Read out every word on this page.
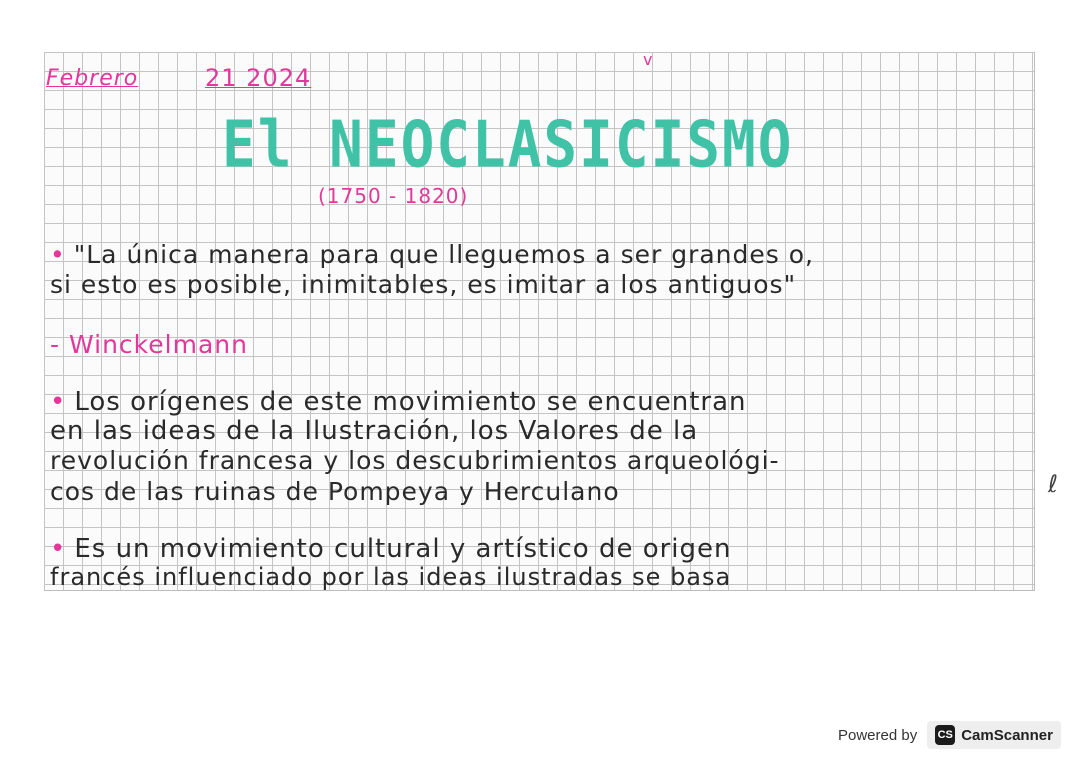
v
Febrero	21 2024
El NEOCLASICISMO
(1750 - 1820)
• "La única manera para que lleguemos a ser grandes o,
si esto es posible, inimitables, es imitar a los antiguos"
- Winckelmann
• Los orígenes de este movimiento se encuentran
en las ideas de la Ilustración, los Valores de la
revolución francesa y los descubrimientos arqueológi-
cos de las ruinas de Pompeya y Herculano
• Es un movimiento cultural y artístico de origen
francés influenciado por las ideas ilustradas se basa
ℓ
Powered by CS CamScanner
